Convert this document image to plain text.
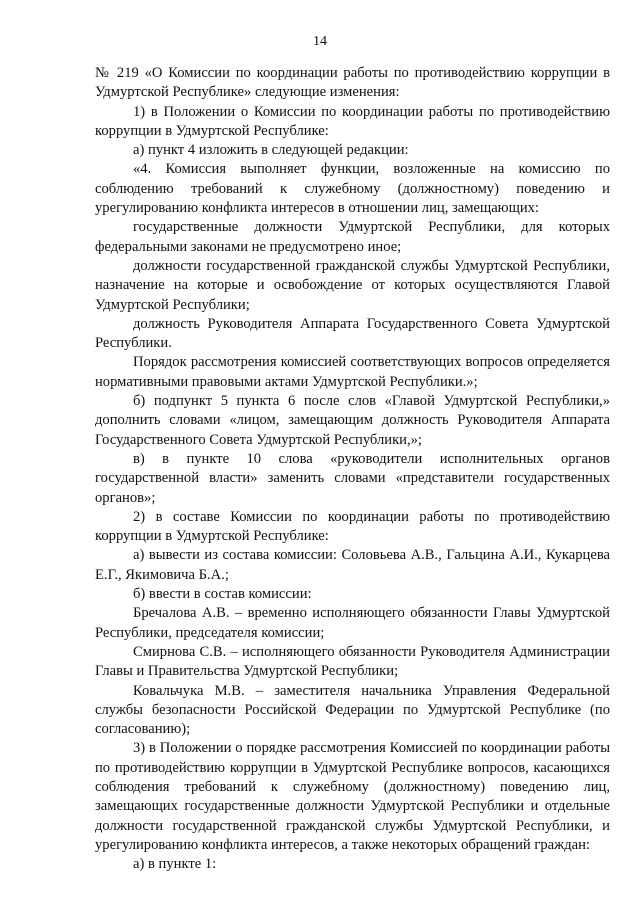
14

№ 219 «О Комиссии по координации работы по противодействию коррупции в Удмуртской Республике» следующие изменения:

1) в Положении о Комиссии по координации работы по противодействию коррупции в Удмуртской Республике:

а) пункт 4 изложить в следующей редакции:

«4. Комиссия выполняет функции, возложенные на комиссию по соблюдению требований к служебному (должностному) поведению и урегулированию конфликта интересов в отношении лиц, замещающих:

государственные должности Удмуртской Республики, для которых федеральными законами не предусмотрено иное;

должности государственной гражданской службы Удмуртской Республики, назначение на которые и освобождение от которых осуществляются Главой Удмуртской Республики;

должность Руководителя Аппарата Государственного Совета Удмуртской Республики.

Порядок рассмотрения комиссией соответствующих вопросов определяется нормативными правовыми актами Удмуртской Республики.»;

б) подпункт 5 пункта 6 после слов «Главой Удмуртской Республики,» дополнить словами «лицом, замещающим должность Руководителя Аппарата Государственного Совета Удмуртской Республики,»;

в) в пункте 10 слова «руководители исполнительных органов государственной власти» заменить словами «представители государственных органов»;

2) в составе Комиссии по координации работы по противодействию коррупции в Удмуртской Республике:

а) вывести из состава комиссии: Соловьева А.В., Гальцина А.И., Кукарцева Е.Г., Якимовича Б.А.;

б) ввести в состав комиссии:

Бречалова А.В. – временно исполняющего обязанности Главы Удмуртской Республики, председателя комиссии;

Смирнова С.В. – исполняющего обязанности Руководителя Администрации Главы и Правительства Удмуртской Республики;

Ковальчука М.В. – заместителя начальника Управления Федеральной службы безопасности Российской Федерации по Удмуртской Республике (по согласованию);

3) в Положении о порядке рассмотрения Комиссией по координации работы по противодействию коррупции в Удмуртской Республике вопросов, касающихся соблюдения требований к служебному (должностному) поведению лиц, замещающих государственные должности Удмуртской Республики и отдельные должности государственной гражданской службы Удмуртской Республики, и урегулированию конфликта интересов, а также некоторых обращений граждан:

а) в пункте 1:
